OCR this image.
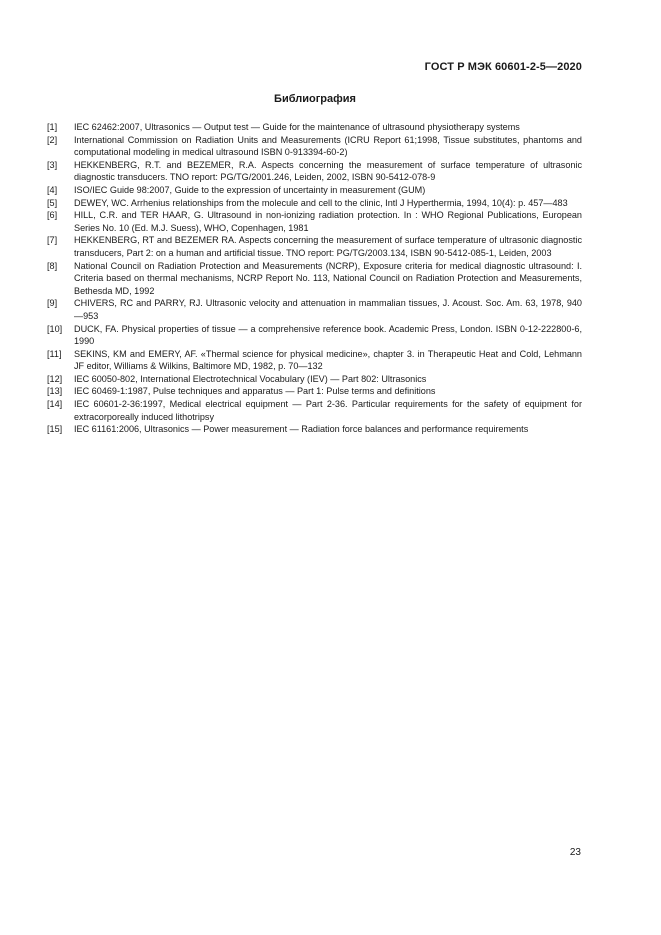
ГОСТ Р МЭК 60601-2-5—2020
Библиография
[1]	IEC 62462:2007, Ultrasonics — Output test — Guide for the maintenance of ultrasound physiotherapy systems
[2]	International Commission on Radiation Units and Measurements (ICRU Report 61;1998, Tissue substitutes, phantoms and computational modeling in medical ultrasound ISBN 0-913394-60-2)
[3]	HEKKENBERG, R.T. and BEZEMER, R.A. Aspects concerning the measurement of surface temperature of ultrasonic diagnostic transducers. TNO report: PG/TG/2001.246, Leiden, 2002, ISBN 90-5412-078-9
[4]	ISO/IEC Guide 98:2007, Guide to the expression of uncertainty in measurement (GUM)
[5]	DEWEY, WC. Arrhenius relationships from the molecule and cell to the clinic, Intl J Hyperthermia, 1994, 10(4): p. 457—483
[6]	HILL, C.R. and TER HAAR, G. Ultrasound in non-ionizing radiation protection. In : WHO Regional Publications, European Series No. 10 (Ed. M.J. Suess), WHO, Copenhagen, 1981
[7]	HEKKENBERG, RT and BEZEMER RA. Aspects concerning the measurement of surface temperature of ultrasonic diagnostic transducers, Part 2: on a human and artificial tissue. TNO report: PG/TG/2003.134, ISBN 90-5412-085-1, Leiden, 2003
[8]	National Council on Radiation Protection and Measurements (NCRP), Exposure criteria for medical diagnostic ultrasound: I. Criteria based on thermal mechanisms, NCRP Report No. 113, National Council on Radiation Protection and Measurements, Bethesda MD, 1992
[9]	CHIVERS, RC and PARRY, RJ. Ultrasonic velocity and attenuation in mammalian tissues, J. Acoust. Soc. Am. 63, 1978, 940—953
[10]	DUCK, FA. Physical properties of tissue — a comprehensive reference book. Academic Press, London. ISBN 0-12-222800-6, 1990
[11]	SEKINS, KM and EMERY, AF. «Thermal science for physical medicine», chapter 3. in Therapeutic Heat and Cold, Lehmann JF editor, Williams & Wilkins, Baltimore MD, 1982, p. 70—132
[12]	IEC 60050-802, International Electrotechnical Vocabulary (IEV) — Part 802: Ultrasonics
[13]	IEC 60469-1:1987, Pulse techniques and apparatus — Part 1: Pulse terms and definitions
[14]	IEC 60601-2-36:1997, Medical electrical equipment — Part 2-36. Particular requirements for the safety of equipment for extracorporeally induced lithotripsy
[15]	IEC 61161:2006, Ultrasonics — Power measurement — Radiation force balances and performance requirements
23
